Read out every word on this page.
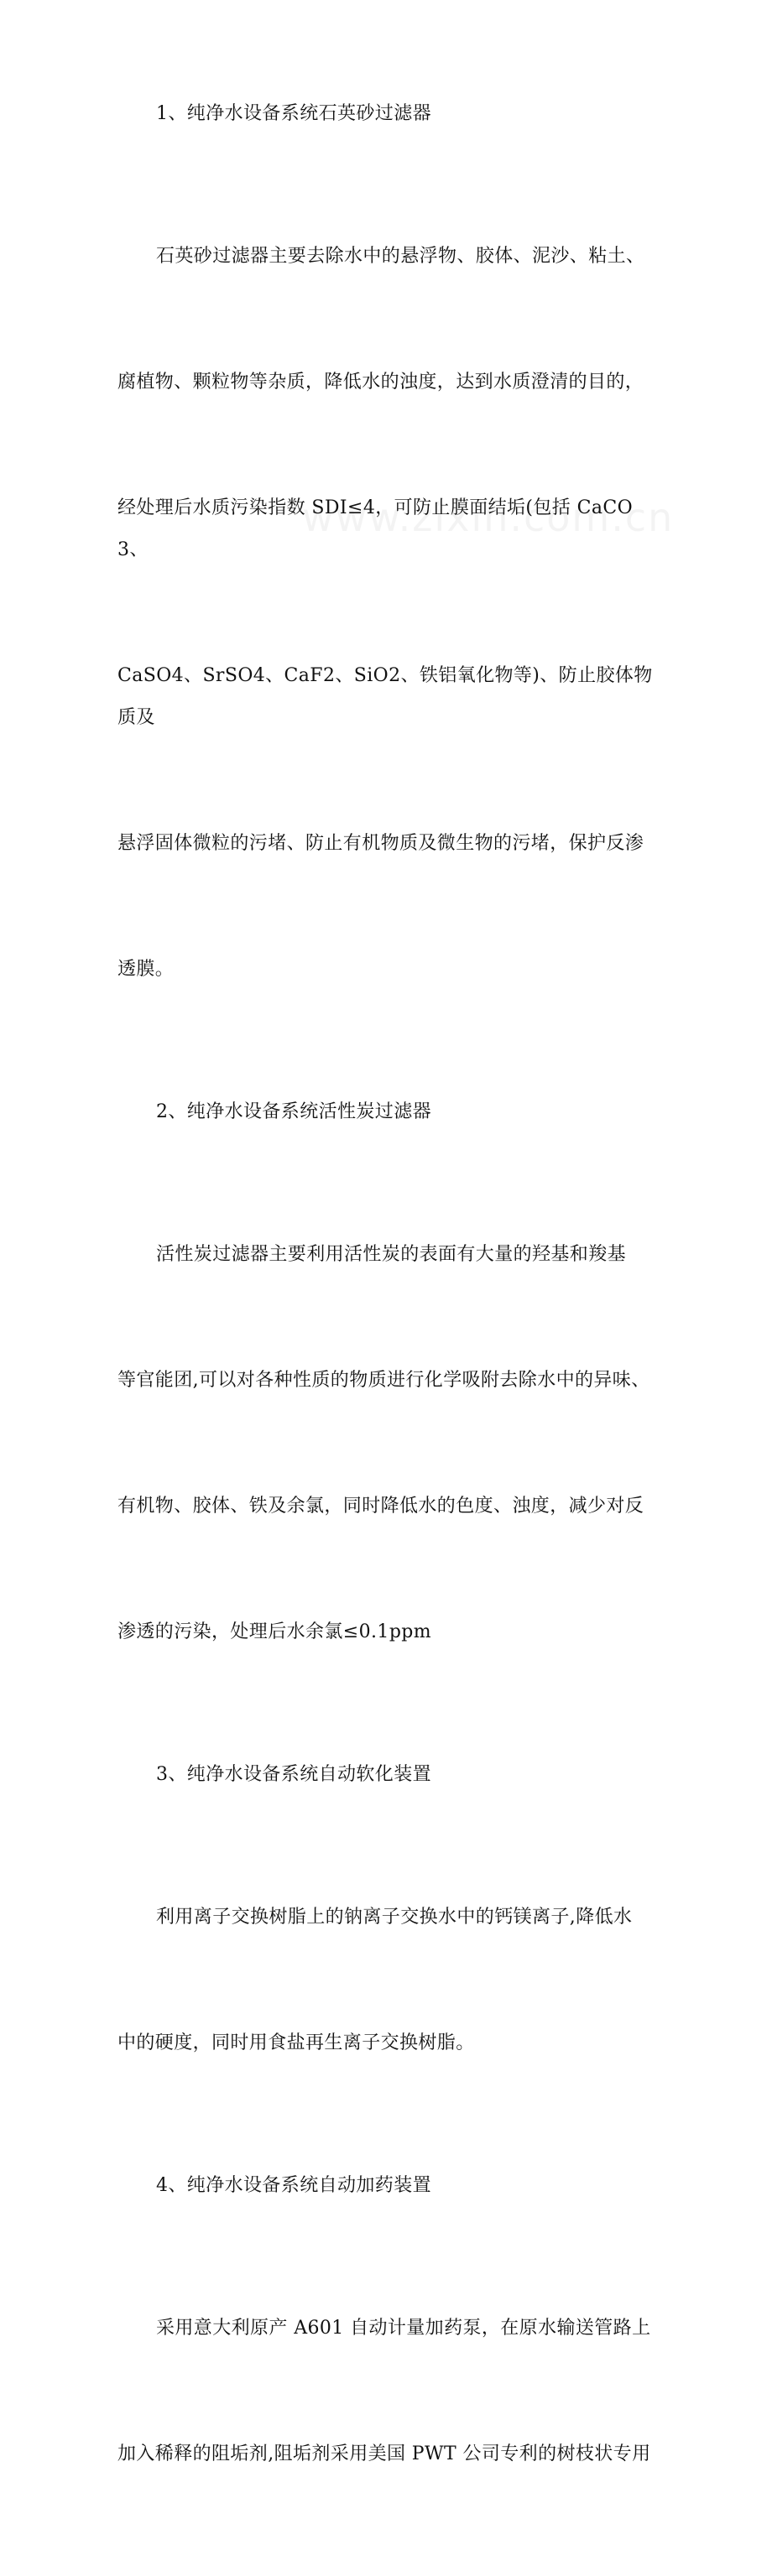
1、纯净水设备系统石英砂过滤器

石英砂过滤器主要去除水中的悬浮物、胶体、泥沙、粘土、

腐植物、颗粒物等杂质，降低水的浊度，达到水质澄清的目的，

经处理后水质污染指数 SDI≤4，可防止膜面结垢(包括 CaCO3、

CaSO4、SrSO4、CaF2、SiO2、铁铝氧化物等)、防止胶体物质及

悬浮固体微粒的污堵、防止有机物质及微生物的污堵，保护反渗

透膜。

2、纯净水设备系统活性炭过滤器

活性炭过滤器主要利用活性炭的表面有大量的羟基和羧基

等官能团,可以对各种性质的物质进行化学吸附去除水中的异味、

有机物、胶体、铁及余氯，同时降低水的色度、浊度，减少对反

渗透的污染，处理后水余氯≤0.1ppm

3、纯净水设备系统自动软化装置

利用离子交换树脂上的钠离子交换水中的钙镁离子,降低水

中的硬度，同时用食盐再生离子交换树脂。

4、纯净水设备系统自动加药装置

采用意大利原产 A601 自动计量加药泵，在原水输送管路上

加入稀释的阻垢剂,阻垢剂采用美国 PWT 公司专利的树枝状专用
